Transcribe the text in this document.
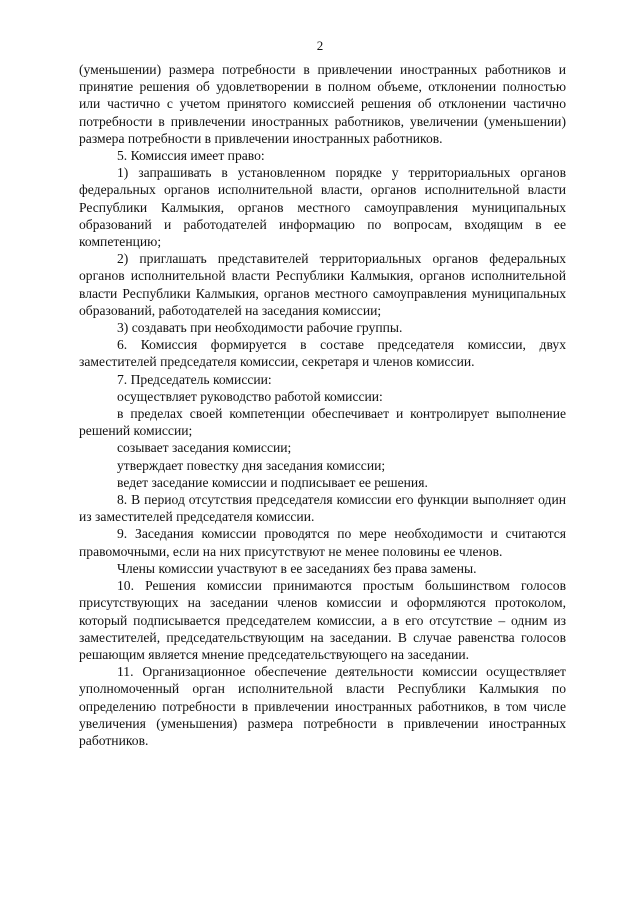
2

(уменьшении) размера потребности в привлечении иностранных работников и принятие решения об удовлетворении в полном объеме, отклонении полностью или частично с учетом принятого комиссией решения об отклонении частично потребности в привлечении иностранных работников, увеличении (уменьшении) размера потребности в привлечении иностранных работников.

5. Комиссия имеет право:

1) запрашивать в установленном порядке у территориальных органов федеральных органов исполнительной власти, органов исполнительной власти Республики Калмыкия, органов местного самоуправления муниципальных образований и работодателей информацию по вопросам, входящим в ее компетенцию;

2) приглашать представителей территориальных органов федеральных органов исполнительной власти Республики Калмыкия, органов исполнительной власти Республики Калмыкия, органов местного самоуправления муниципальных образований, работодателей на заседания комиссии;

3) создавать при необходимости рабочие группы.

6. Комиссия формируется в составе председателя комиссии, двух заместителей председателя комиссии, секретаря и членов комиссии.

7. Председатель комиссии:

осуществляет руководство работой комиссии:

в пределах своей компетенции обеспечивает и контролирует выполнение решений комиссии;

созывает заседания комиссии;

утверждает повестку дня заседания комиссии;

ведет заседание комиссии и подписывает ее решения.

8. В период отсутствия председателя комиссии его функции выполняет один из заместителей председателя комиссии.

9. Заседания комиссии проводятся по мере необходимости и считаются правомочными, если на них присутствуют не менее половины ее членов.

Члены комиссии участвуют в ее заседаниях без права замены.

10. Решения комиссии принимаются простым большинством голосов присутствующих на заседании членов комиссии и оформляются протоколом, который подписывается председателем комиссии, а в его отсутствие – одним из заместителей, председательствующим на заседании. В случае равенства голосов решающим является мнение председательствующего на заседании.

11. Организационное обеспечение деятельности комиссии осуществляет уполномоченный орган исполнительной власти Республики Калмыкия по определению потребности в привлечении иностранных работников, в том числе увеличения (уменьшения) размера потребности в привлечении иностранных работников.
